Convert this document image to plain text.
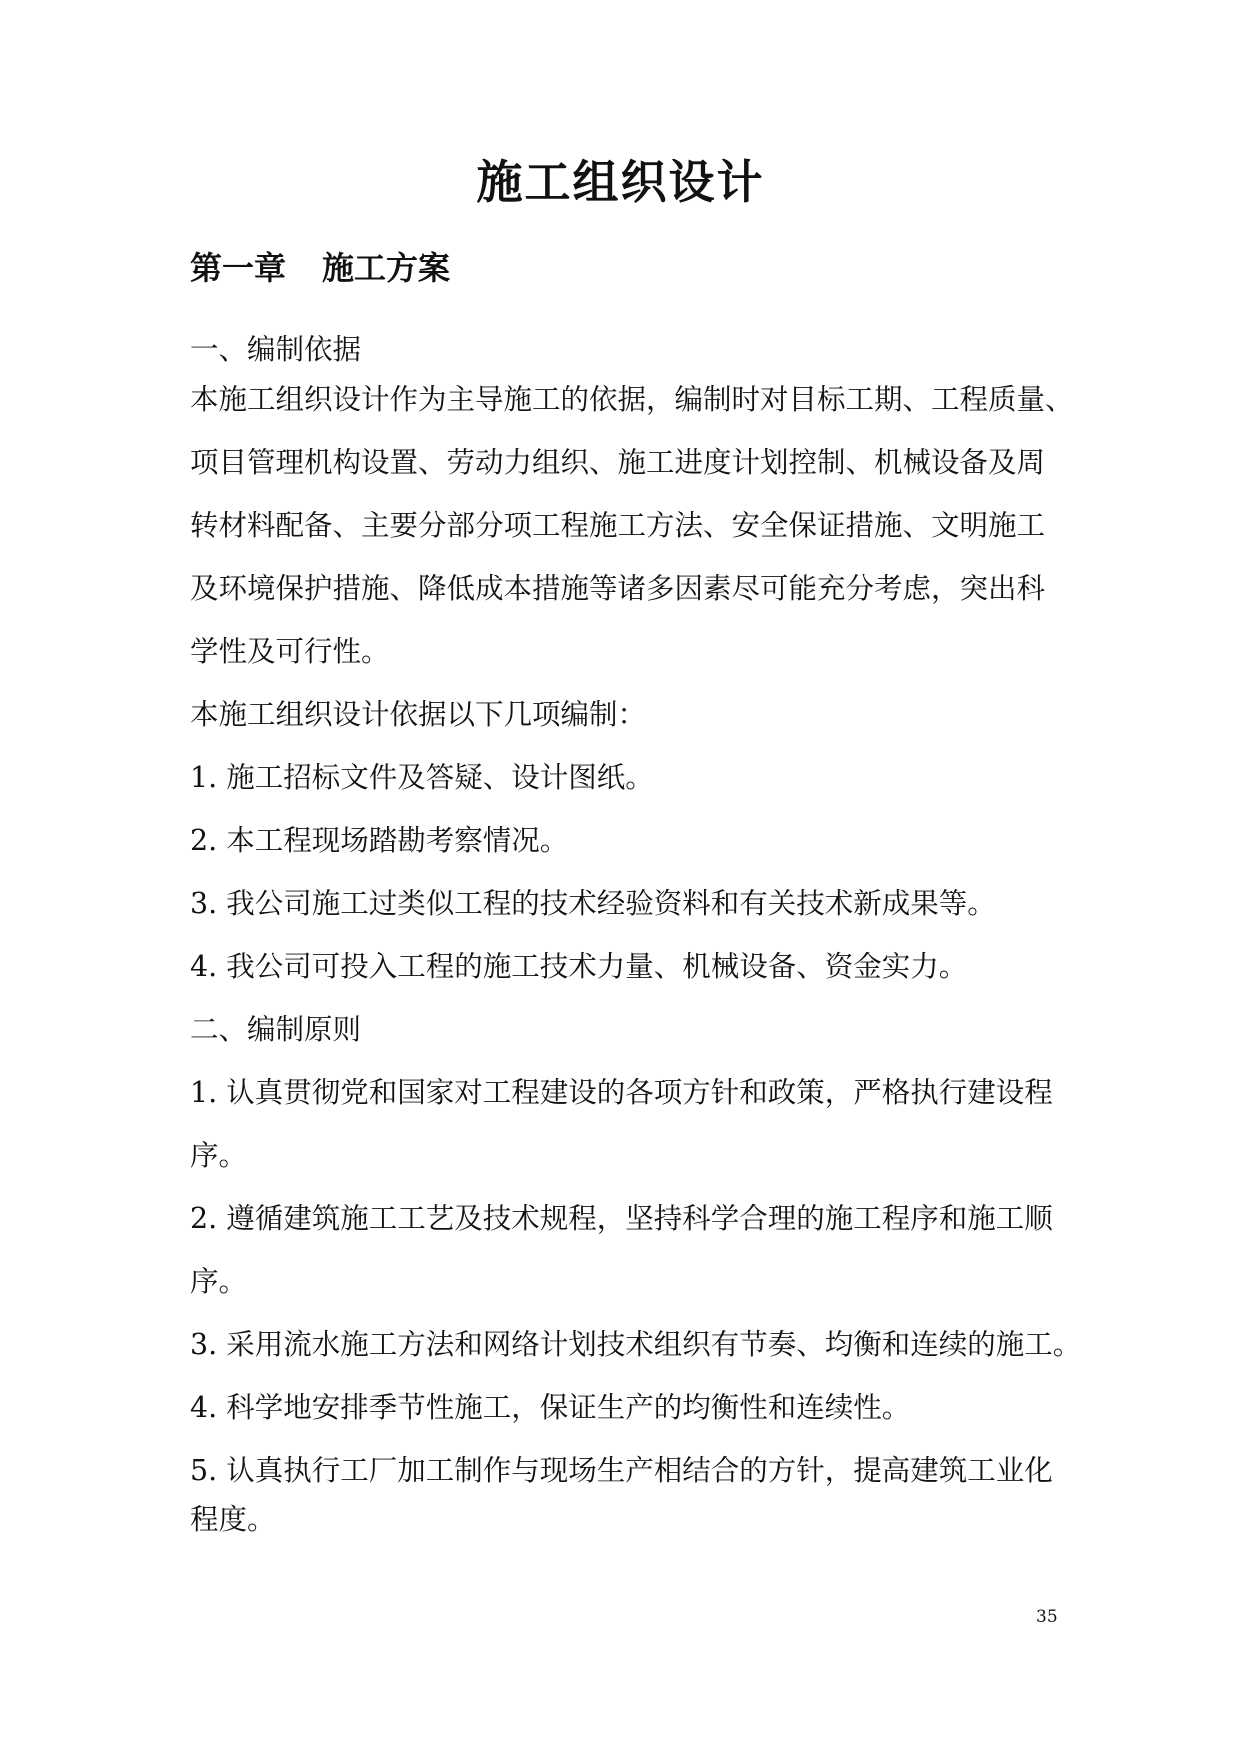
施工组织设计
第一章 施工方案

一、编制依据

本施工组织设计作为主导施工的依据，编制时对目标工期、工程质量、

项目管理机构设置、劳动力组织、施工进度计划控制、机械设备及周

转材料配备、主要分部分项工程施工方法、安全保证措施、文明施工

及环境保护措施、降低成本措施等诸多因素尽可能充分考虑，突出科

学性及可行性。

本施工组织设计依据以下几项编制：

1. 施工招标文件及答疑、设计图纸。

2. 本工程现场踏勘考察情况。

3. 我公司施工过类似工程的技术经验资料和有关技术新成果等。

4. 我公司可投入工程的施工技术力量、机械设备、资金实力。

二、编制原则

1. 认真贯彻党和国家对工程建设的各项方针和政策，严格执行建设程

序。

2. 遵循建筑施工工艺及技术规程，坚持科学合理的施工程序和施工顺

序。

3. 采用流水施工方法和网络计划技术组织有节奏、均衡和连续的施工。

4. 科学地安排季节性施工，保证生产的均衡性和连续性。

5. 认真执行工厂加工制作与现场生产相结合的方针，提高建筑工业化

程度。

35
